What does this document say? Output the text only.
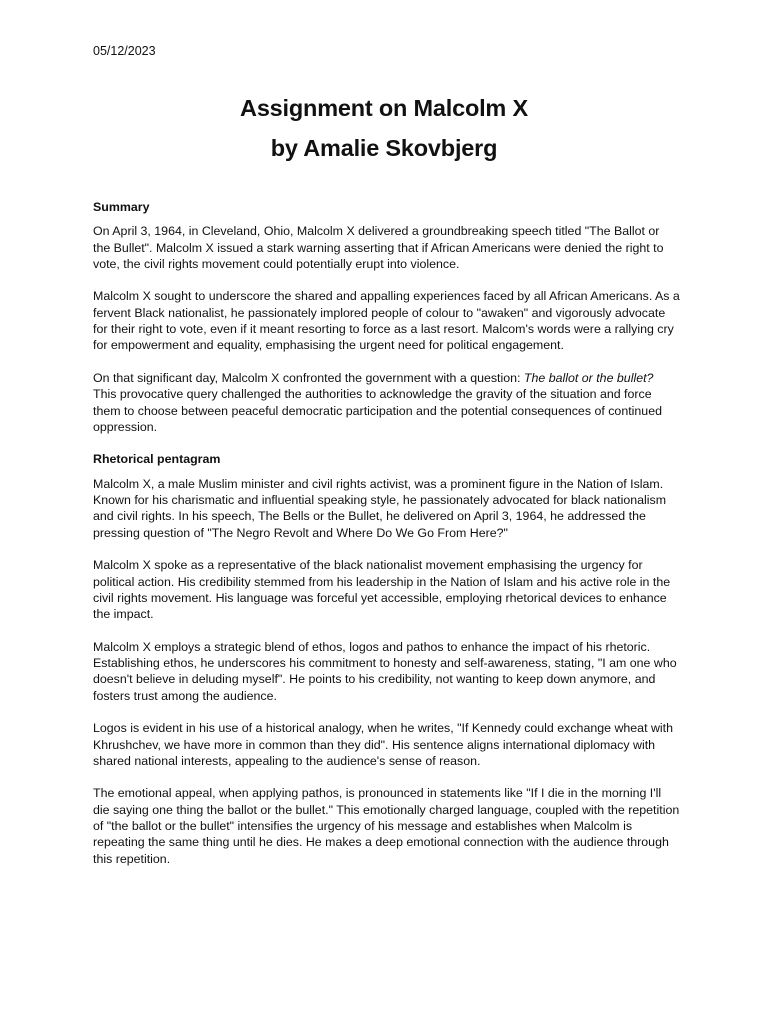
05/12/2023
Assignment on Malcolm X
by Amalie Skovbjerg
Summary

On April 3, 1964, in Cleveland, Ohio, Malcolm X delivered a groundbreaking speech titled "The Ballot or the Bullet". Malcolm X issued a stark warning asserting that if African Americans were denied the right to vote, the civil rights movement could potentially erupt into violence.

Malcolm X sought to underscore the shared and appalling experiences faced by all African Americans. As a fervent Black nationalist, he passionately implored people of colour to "awaken" and vigorously advocate for their right to vote, even if it meant resorting to force as a last resort. Malcom's words were a rallying cry for empowerment and equality, emphasising the urgent need for political engagement.

On that significant day, Malcolm X confronted the government with a question: The ballot or the bullet? This provocative query challenged the authorities to acknowledge the gravity of the situation and force them to choose between peaceful democratic participation and the potential consequences of continued oppression.

Rhetorical pentagram

Malcolm X, a male Muslim minister and civil rights activist, was a prominent figure in the Nation of Islam. Known for his charismatic and influential speaking style, he passionately advocated for black nationalism and civil rights. In his speech, The Bells or the Bullet, he delivered on April 3, 1964, he addressed the pressing question of "The Negro Revolt and Where Do We Go From Here?"

Malcolm X spoke as a representative of the black nationalist movement emphasising the urgency for political action. His credibility stemmed from his leadership in the Nation of Islam and his active role in the civil rights movement. His language was forceful yet accessible, employing rhetorical devices to enhance the impact.

Malcolm X employs a strategic blend of ethos, logos and pathos to enhance the impact of his rhetoric. Establishing ethos, he underscores his commitment to honesty and self-awareness, stating, "I am one who doesn't believe in deluding myself". He points to his credibility, not wanting to keep down anymore, and fosters trust among the audience.

Logos is evident in his use of a historical analogy, when he writes, "If Kennedy could exchange wheat with Khrushchev, we have more in common than they did". His sentence aligns international diplomacy with shared national interests, appealing to the audience's sense of reason.

The emotional appeal, when applying pathos, is pronounced in statements like "If I die in the morning I'll die saying one thing the ballot or the bullet." This emotionally charged language, coupled with the repetition of "the ballot or the bullet" intensifies the urgency of his message and establishes when Malcolm is repeating the same thing until he dies. He makes a deep emotional connection with the audience through this repetition.
